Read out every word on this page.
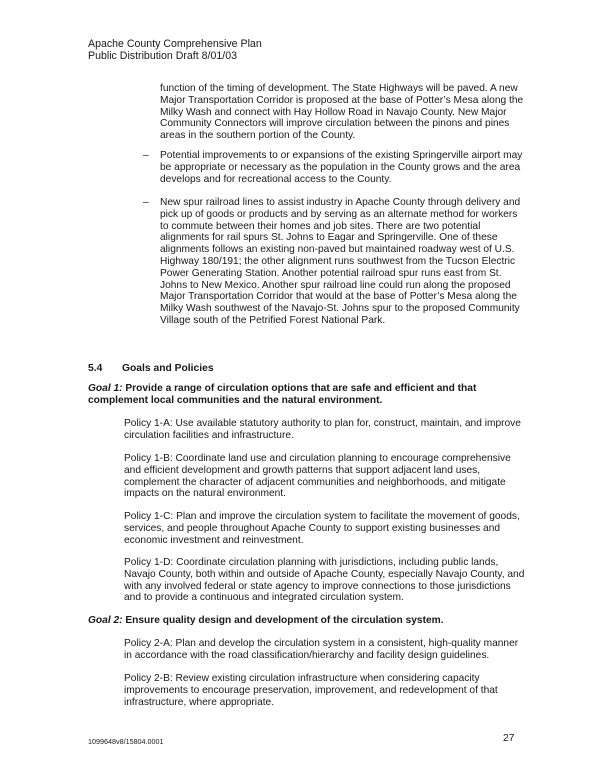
Apache County Comprehensive Plan
Public Distribution Draft 8/01/03
function of the timing of development. The State Highways will be paved. A new
Major Transportation Corridor is proposed at the base of Potter’s Mesa along the
Milky Wash and connect with Hay Hollow Road in Navajo County. New Major
Community Connectors will improve circulation between the pinons and pines
areas in the southern portion of the County.
– Potential improvements to or expansions of the existing Springerville airport may
be appropriate or necessary as the population in the County grows and the area
develops and for recreational access to the County.
– New spur railroad lines to assist industry in Apache County through delivery and
pick up of goods or products and by serving as an alternate method for workers
to commute between their homes and job sites. There are two potential
alignments for rail spurs St. Johns to Eagar and Springerville. One of these
alignments follows an existing non-paved but maintained roadway west of U.S.
Highway 180/191; the other alignment runs southwest from the Tucson Electric
Power Generating Station. Another potential railroad spur runs east from St.
Johns to New Mexico. Another spur railroad line could run along the proposed
Major Transportation Corridor that would at the base of Potter’s Mesa along the
Milky Wash southwest of the Navajo-St. Johns spur to the proposed Community
Village south of the Petrified Forest National Park.
5.4 Goals and Policies
Goal 1: Provide a range of circulation options that are safe and efficient and that
complement local communities and the natural environment.
Policy 1-A: Use available statutory authority to plan for, construct, maintain, and improve
circulation facilities and infrastructure.
Policy 1-B: Coordinate land use and circulation planning to encourage comprehensive
and efficient development and growth patterns that support adjacent land uses,
complement the character of adjacent communities and neighborhoods, and mitigate
impacts on the natural environment.
Policy 1-C: Plan and improve the circulation system to facilitate the movement of goods,
services, and people throughout Apache County to support existing businesses and
economic investment and reinvestment.
Policy 1-D: Coordinate circulation planning with jurisdictions, including public lands,
Navajo County, both within and outside of Apache County, especially Navajo County, and
with any involved federal or state agency to improve connections to those jurisdictions
and to provide a continuous and integrated circulation system.
Goal 2: Ensure quality design and development of the circulation system.
Policy 2-A: Plan and develop the circulation system in a consistent, high-quality manner
in accordance with the road classification/hierarchy and facility design guidelines.
Policy 2-B: Review existing circulation infrastructure when considering capacity
improvements to encourage preservation, improvement, and redevelopment of that
infrastructure, where appropriate.
1099648v8/15804.0001	27
